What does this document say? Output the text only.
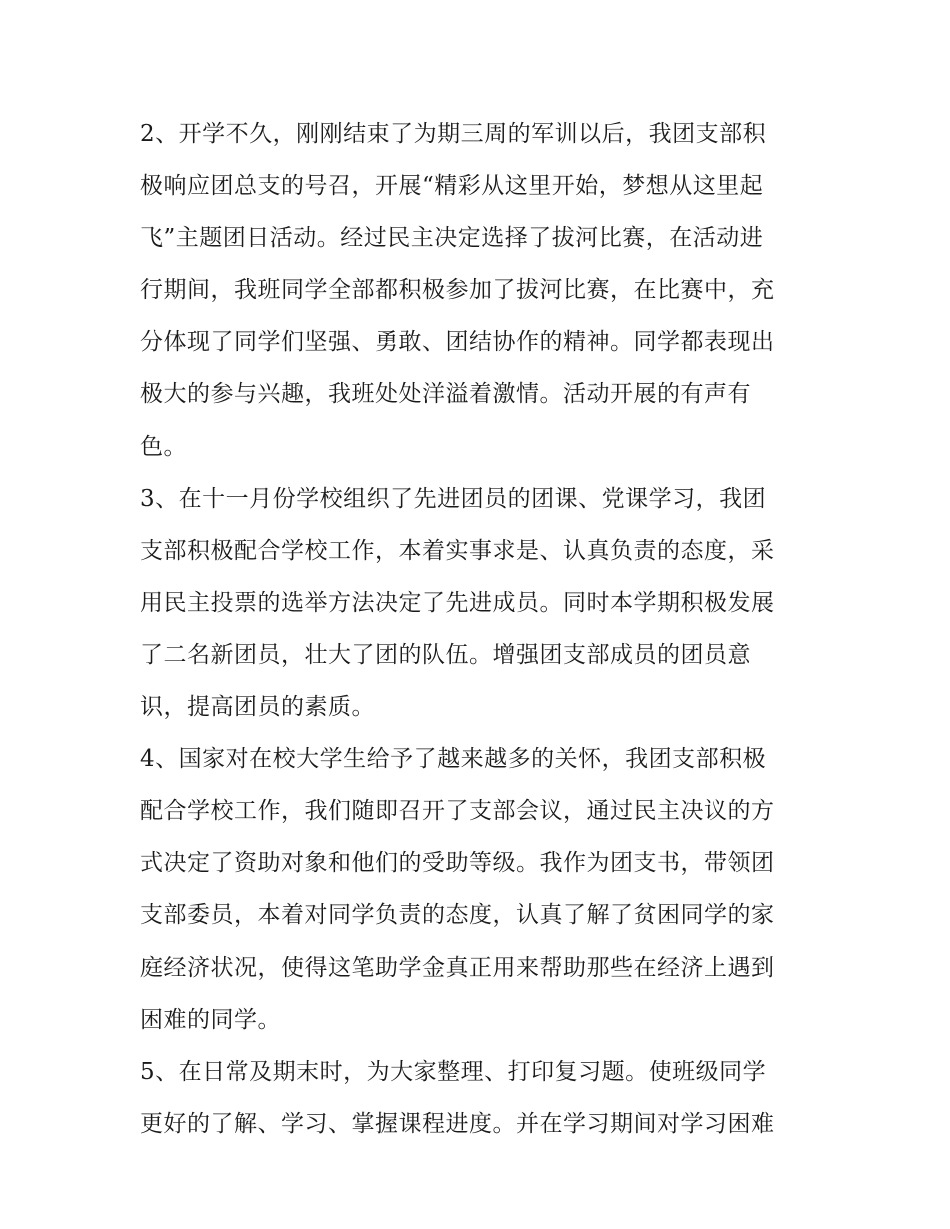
2、开学不久，刚刚结束了为期三周的军训以后，我团支部积
极响应团总支的号召，开展“精彩从这里开始，梦想从这里起
飞”主题团日活动。经过民主决定选择了拔河比赛，在活动进
行期间，我班同学全部都积极参加了拔河比赛，在比赛中，充
分体现了同学们坚强、勇敢、团结协作的精神。同学都表现出
极大的参与兴趣，我班处处洋溢着激情。活动开展的有声有
色。
3、在十一月份学校组织了先进团员的团课、党课学习，我团
支部积极配合学校工作，本着实事求是、认真负责的态度，采
用民主投票的选举方法决定了先进成员。同时本学期积极发展
了二名新团员，壮大了团的队伍。增强团支部成员的团员意
识，提高团员的素质。
4、国家对在校大学生给予了越来越多的关怀，我团支部积极
配合学校工作，我们随即召开了支部会议，通过民主决议的方
式决定了资助对象和他们的受助等级。我作为团支书，带领团
支部委员，本着对同学负责的态度，认真了解了贫困同学的家
庭经济状况，使得这笔助学金真正用来帮助那些在经济上遇到
困难的同学。
5、在日常及期末时，为大家整理、打印复习题。使班级同学
更好的了解、学习、掌握课程进度。并在学习期间对学习困难
